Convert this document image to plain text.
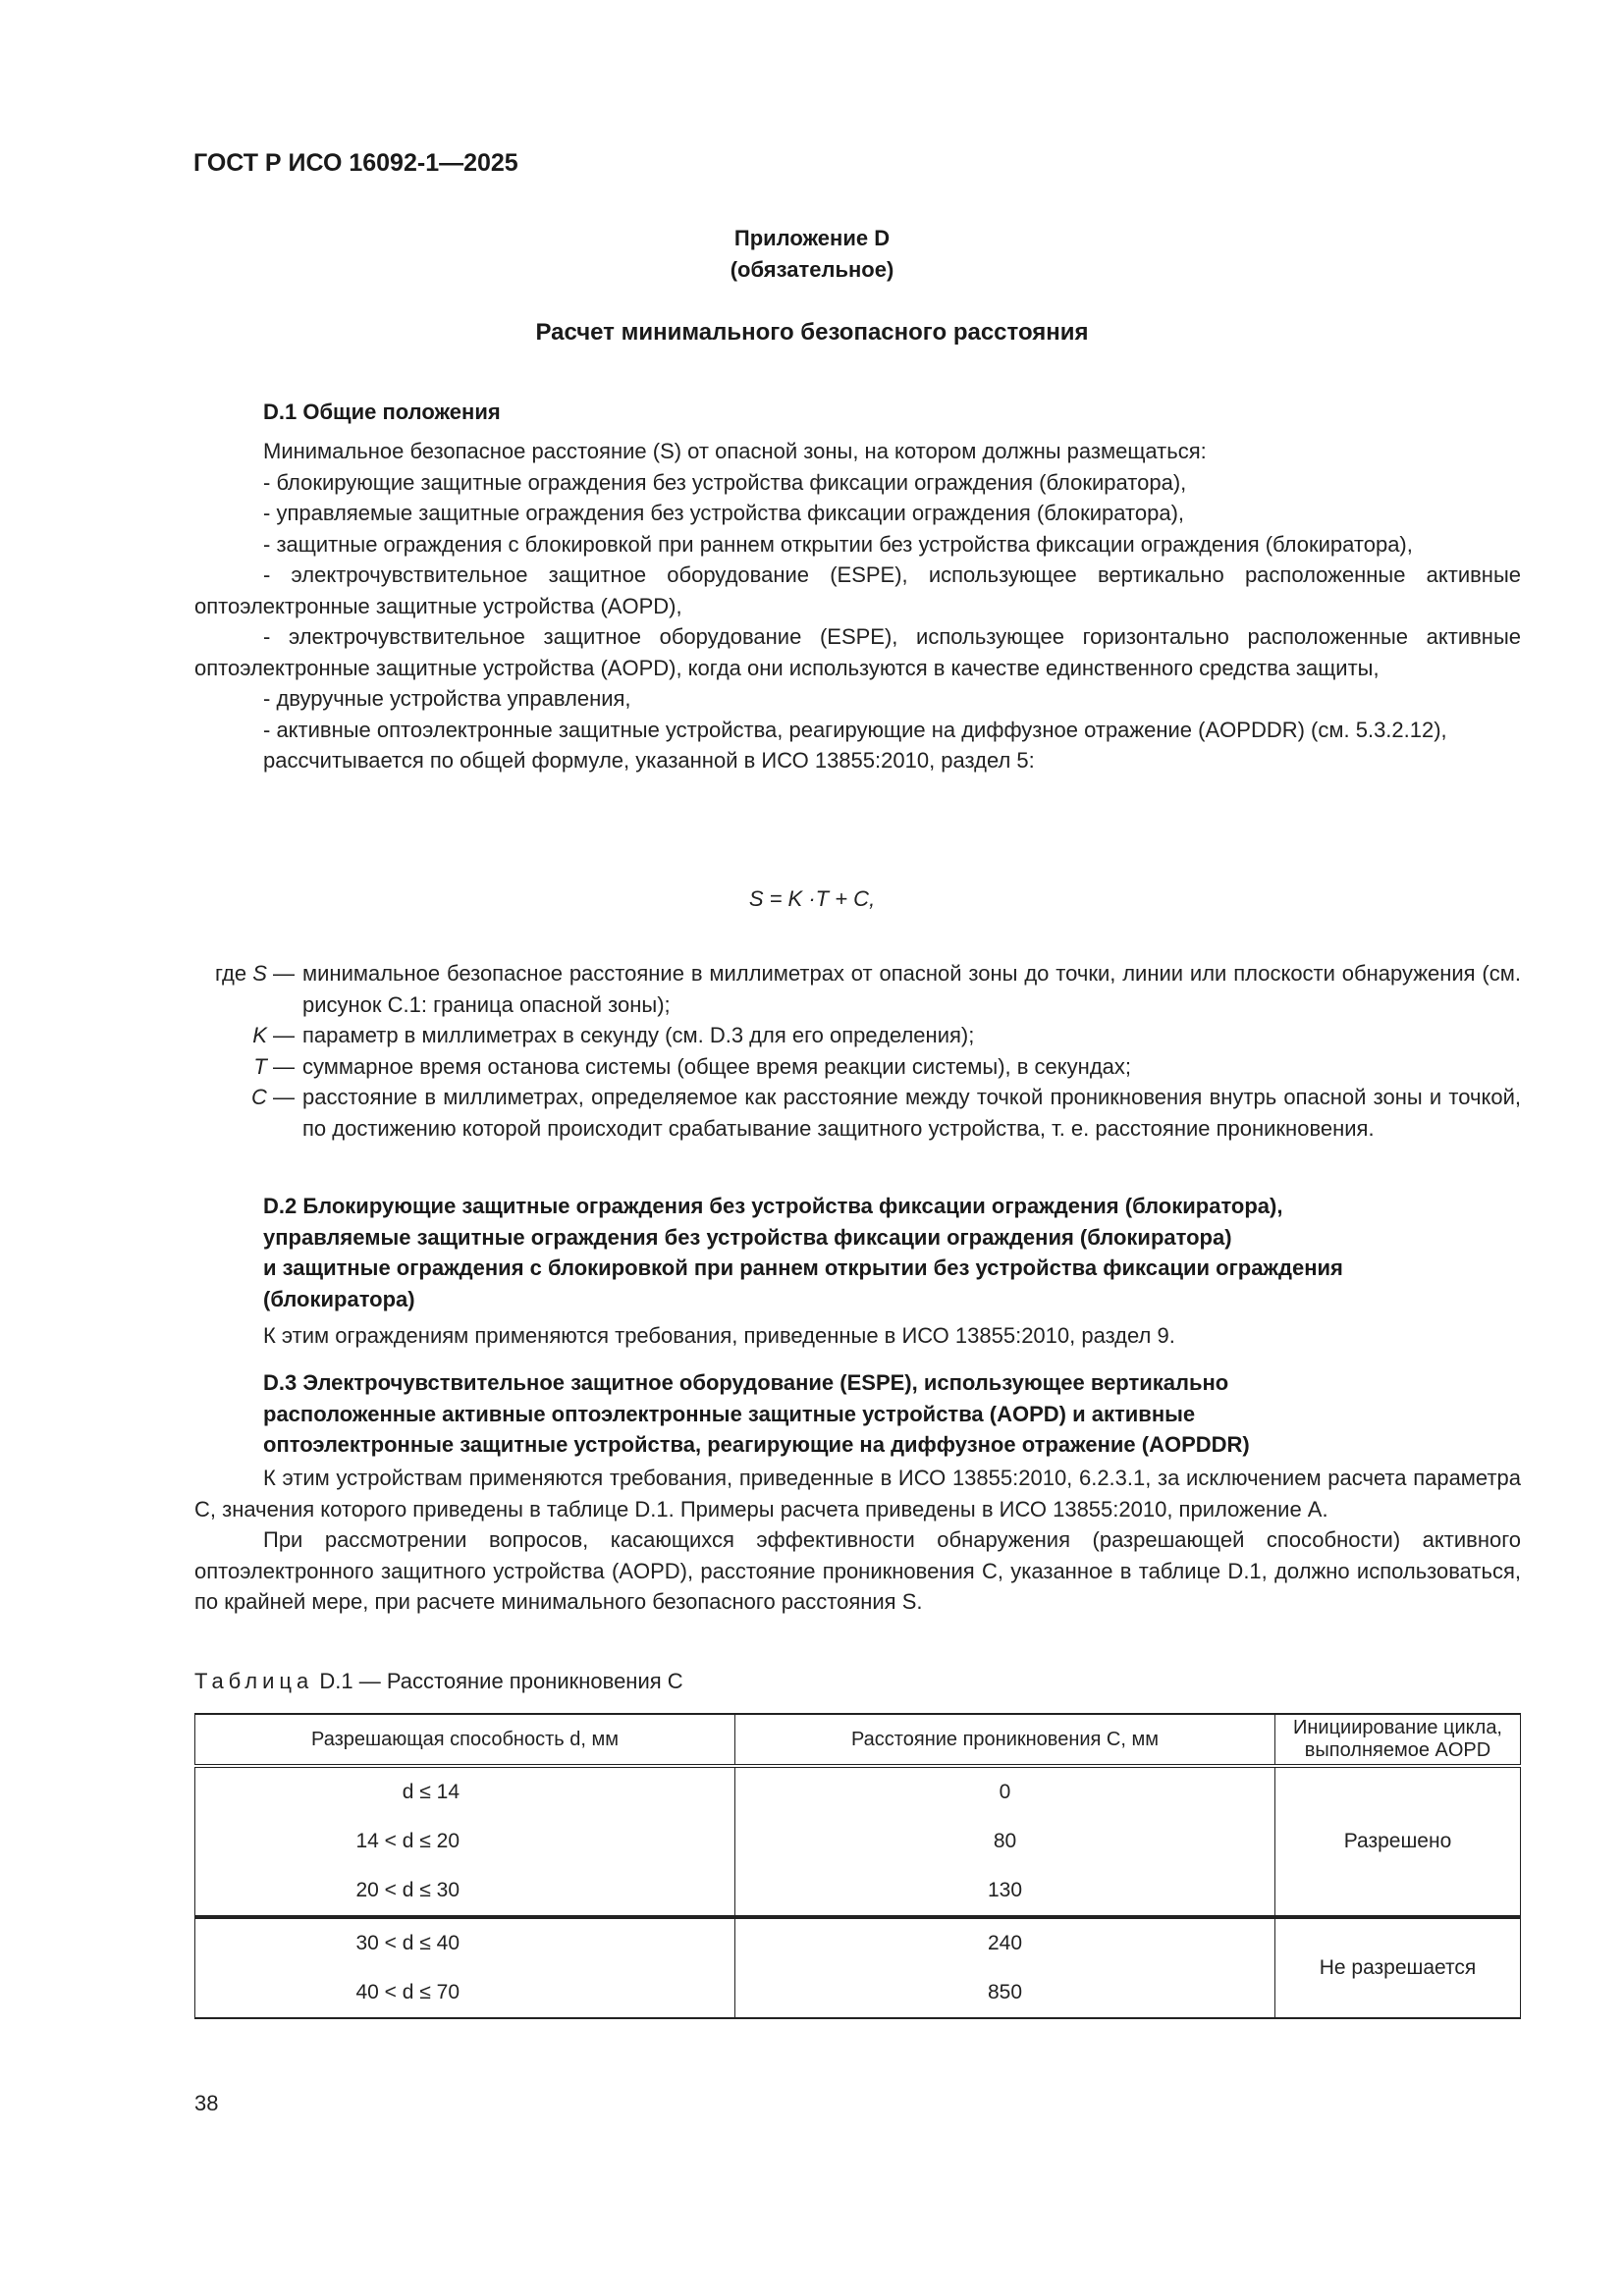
ГОСТ Р ИСО 16092-1—2025
Приложение D
(обязательное)
Расчет минимального безопасного расстояния
D.1 Общие положения

Минимальное безопасное расстояние (S) от опасной зоны, на котором должны размещаться:

- блокирующие защитные ограждения без устройства фиксации ограждения (блокиратора),

- управляемые защитные ограждения без устройства фиксации ограждения (блокиратора),

- защитные ограждения с блокировкой при раннем открытии без устройства фиксации ограждения (блокиратора),

- электрочувствительное защитное оборудование (ESPE), использующее вертикально расположенные активные оптоэлектронные защитные устройства (AOPD),

- электрочувствительное защитное оборудование (ESPE), использующее горизонтально расположенные активные оптоэлектронные защитные устройства (AOPD), когда они используются в качестве единственного средства защиты,

- двуручные устройства управления,

- активные оптоэлектронные защитные устройства, реагирующие на диффузное отражение (AOPDDR) (см. 5.3.2.12),

рассчитывается по общей формуле, указанной в ИСО 13855:2010, раздел 5:

S = K ·T + C,
где S — минимальное безопасное расстояние в миллиметрах от опасной зоны до точки, линии или плоскости обнаружения (см. рисунок С.1: граница опасной зоны);
K — параметр в миллиметрах в секунду (см. D.3 для его определения);
T — суммарное время останова системы (общее время реакции системы), в секундах;
C — расстояние в миллиметрах, определяемое как расстояние между точкой проникновения внутрь опасной зоны и точкой, по достижению которой происходит срабатывание защитного устройства, т. е. расстояние проникновения.
D.2 Блокирующие защитные ограждения без устройства фиксации ограждения (блокиратора),
управляемые защитные ограждения без устройства фиксации ограждения (блокиратора)
и защитные ограждения с блокировкой при раннем открытии без устройства фиксации ограждения
(блокиратора)
К этим ограждениям применяются требования, приведенные в ИСО 13855:2010, раздел 9.
D.3 Электрочувствительное защитное оборудование (ESPE), использующее вертикально
расположенные активные оптоэлектронные защитные устройства (AOPD) и активные
оптоэлектронные защитные устройства, реагирующие на диффузное отражение (AOPDDR)

К этим устройствам применяются требования, приведенные в ИСО 13855:2010, 6.2.3.1, за исключением расчета параметра C, значения которого приведены в таблице D.1. Примеры расчета приведены в ИСО 13855:2010, приложение А.

При рассмотрении вопросов, касающихся эффективности обнаружения (разрешающей способности) активного оптоэлектронного защитного устройства (AOPD), расстояние проникновения C, указанное в таблице D.1, должно использоваться, по крайней мере, при расчете минимального безопасного расстояния S.

Таблица D.1 — Расстояние проникновения C
Разрешающая способность d, мм	Расстояние проникновения C, мм	Инициирование цикла, выполняемое AOPD
d ≤ 14	0	Разрешено
14 < d ≤ 20	80	
20 < d ≤ 30	130	
30 < d ≤ 40	240	Не разрешается
40 < d ≤ 70	850	
38
